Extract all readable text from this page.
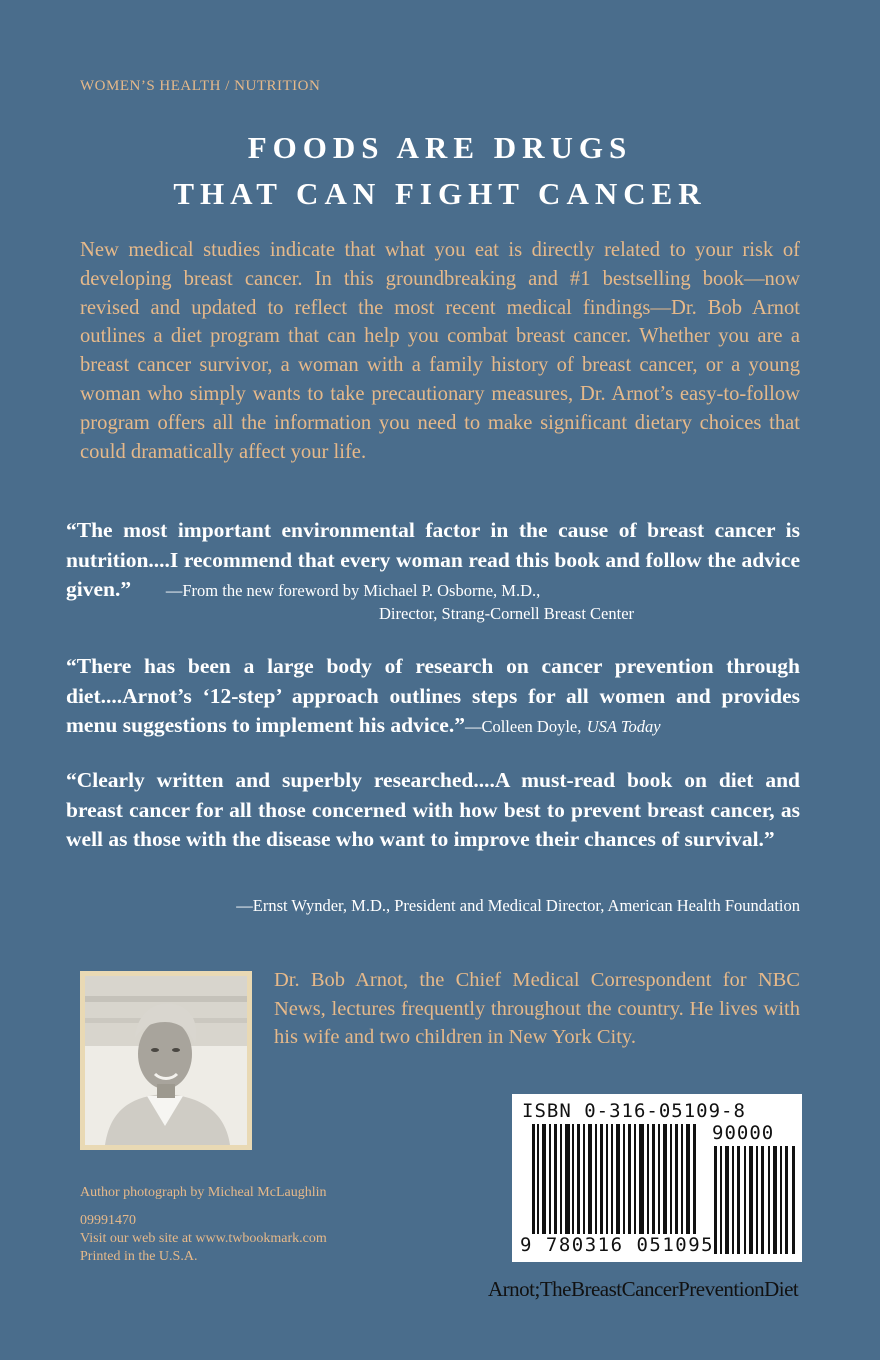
WOMEN’S HEALTH / NUTRITION
FOODS ARE DRUGS
THAT CAN FIGHT CANCER
New medical studies indicate that what you eat is directly related to your risk of developing breast cancer. In this groundbreaking and #1 bestselling book—now revised and updated to reflect the most recent medical findings—Dr. Bob Arnot outlines a diet program that can help you combat breast cancer. Whether you are a breast cancer survivor, a woman with a family history of breast cancer, or a young woman who simply wants to take precautionary measures, Dr. Arnot’s easy-to-follow program offers all the information you need to make significant dietary choices that could dramatically affect your life.
“The most important environmental factor in the cause of breast cancer is nutrition....I recommend that every woman read this book and follow the advice given.” —From the new foreword by Michael P. Osborne, M.D.,
Director, Strang-Cornell Breast Center
“There has been a large body of research on cancer prevention through diet....Arnot’s ‘12-step’ approach outlines steps for all women and provides menu suggestions to implement his advice.”—Colleen Doyle, USA Today
“Clearly written and superbly researched....A must-read book on diet and breast cancer for all those concerned with how best to prevent breast cancer, as well as those with the disease who want to improve their chances of survival.”
—Ernst Wynder, M.D., President and Medical Director, American Health Foundation
Dr. Bob Arnot, the Chief Medical Correspondent for NBC News, lectures frequently throughout the country. He lives with his wife and two children in New York City.
Author photograph by Micheal McLaughlin
09991470
Visit our web site at www.twbookmark.com
Printed in the U.S.A.
ISBN 0-316-05109-8
90000
9 780316 051095
Arnot;TheBreastCancerPreventionDiet
